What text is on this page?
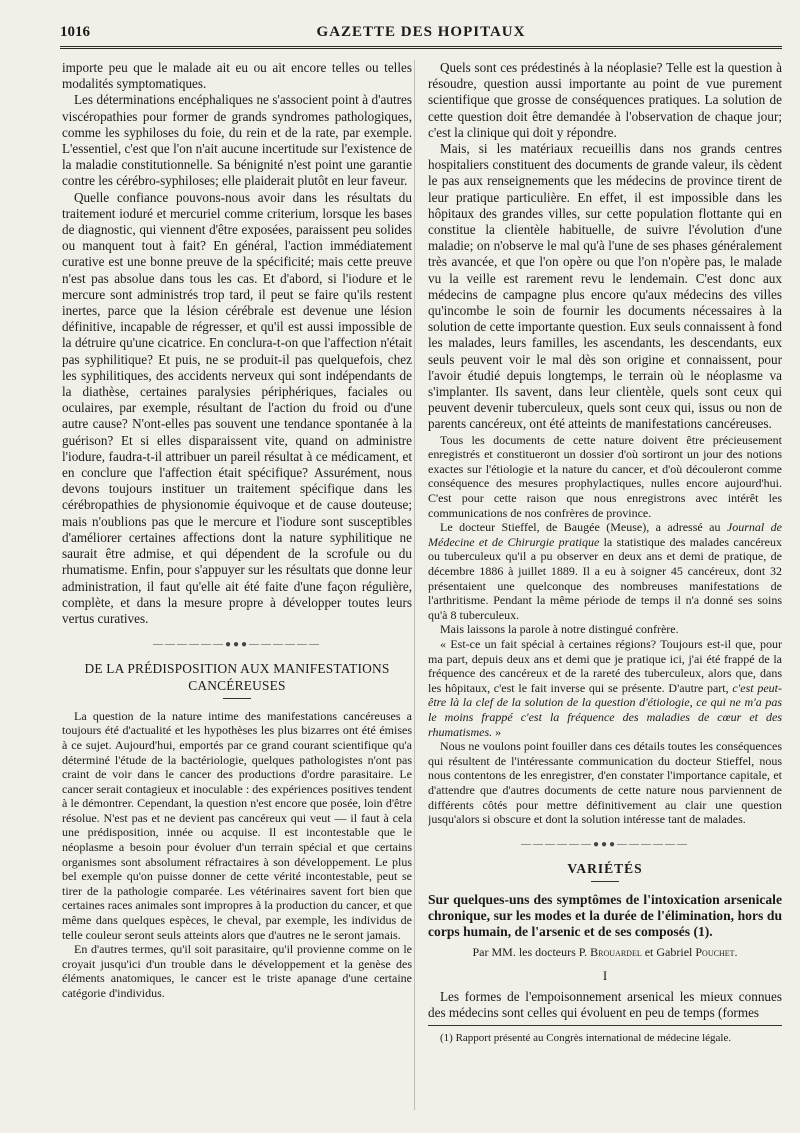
1016	GAZETTE DES HOPITAUX

importe peu que le malade ait eu ou ait encore telles ou telles modalités symptomatiques.

Les déterminations encéphaliques ne s'associent point à d'autres viscéropathies pour former de grands syndromes pathologiques, comme les syphiloses du foie, du rein et de la rate, par exemple. L'essentiel, c'est que l'on n'ait aucune incertitude sur l'existence de la maladie constitutionnelle. Sa bénignité n'est point une garantie contre les cérébro-syphiloses; elle plaiderait plutôt en leur faveur.

Quelle confiance pouvons-nous avoir dans les résultats du traitement ioduré et mercuriel comme criterium, lorsque les bases de diagnostic, qui viennent d'être exposées, paraissent peu solides ou manquent tout à fait? En général, l'action immédiatement curative est une bonne preuve de la spécificité; mais cette preuve n'est pas absolue dans tous les cas. Et d'abord, si l'iodure et le mercure sont administrés trop tard, il peut se faire qu'ils restent inertes, parce que la lésion cérébrale est devenue une lésion définitive, incapable de régresser, et qu'il est aussi impossible de la détruire qu'une cicatrice. En conclura-t-on que l'affection n'était pas syphilitique? Et puis, ne se produit-il pas quelquefois, chez les syphilitiques, des accidents nerveux qui sont indépendants de la diathèse, certaines paralysies périphériques, faciales ou oculaires, par exemple, résultant de l'action du froid ou d'une autre cause? N'ont-elles pas souvent une tendance spontanée à la guérison? Et si elles disparaissent vite, quand on administre l'iodure, faudra-t-il attribuer un pareil résultat à ce médicament, et en conclure que l'affection était spécifique? Assurément, nous devons toujours instituer un traitement spécifique dans les cérébropathies de physionomie équivoque et de cause douteuse; mais n'oublions pas que le mercure et l'iodure sont susceptibles d'améliorer certaines affections dont la nature syphilitique ne saurait être admise, et qui dépendent de la scrofule ou du rhumatisme. Enfin, pour s'appuyer sur les résultats que donne leur administration, il faut qu'elle ait été faite d'une façon régulière, complète, et dans la mesure propre à développer toutes leurs vertus curatives.

——————●●●——————
DE LA PRÉDISPOSITION AUX MANIFESTATIONS CANCÉREUSES

La question de la nature intime des manifestations cancéreuses a toujours été d'actualité et les hypothèses les plus bizarres ont été émises à ce sujet. Aujourd'hui, emportés par ce grand courant scientifique qu'a déterminé l'étude de la bactériologie, quelques pathologistes n'ont pas craint de voir dans le cancer des productions d'ordre parasitaire. Le cancer serait contagieux et inoculable : des expériences positives tendent à le démontrer. Cependant, la question n'est encore que posée, loin d'être résolue. N'est pas et ne devient pas cancéreux qui veut — il faut à cela une prédisposition, innée ou acquise. Il est incontestable que le néoplasme a besoin pour évoluer d'un terrain spécial et que certains organismes sont absolument réfractaires à son développement. Le plus bel exemple qu'on puisse donner de cette vérité incontestable, peut se tirer de la pathologie comparée. Les vétérinaires savent fort bien que certaines races animales sont impropres à la production du cancer, et que même dans quelques espèces, le cheval, par exemple, les individus de telle couleur seront seuls atteints alors que d'autres ne le seront jamais.

En d'autres termes, qu'il soit parasitaire, qu'il provienne comme on le croyait jusqu'ici d'un trouble dans le développement et la genèse des éléments anatomiques, le cancer est le triste apanage d'une certaine catégorie d'individus.

Quels sont ces prédestinés à la néoplasie? Telle est la question à résoudre, question aussi importante au point de vue purement scientifique que grosse de conséquences pratiques. La solution de cette question doit être demandée à l'observation de chaque jour; c'est la clinique qui doit y répondre.

Mais, si les matériaux recueillis dans nos grands centres hospitaliers constituent des documents de grande valeur, ils cèdent le pas aux renseignements que les médecins de province tirent de leur pratique particulière. En effet, il est impossible dans les hôpitaux des grandes villes, sur cette population flottante qui en constitue la clientèle habituelle, de suivre l'évolution d'une maladie; on n'observe le mal qu'à l'une de ses phases généralement très avancée, et que l'on opère ou que l'on n'opère pas, le malade vu la veille est rarement revu le lendemain. C'est donc aux médecins de campagne plus encore qu'aux médecins des villes qu'incombe le soin de fournir les documents nécessaires à la solution de cette importante question. Eux seuls connaissent à fond les malades, leurs familles, les ascendants, les descendants, eux seuls peuvent voir le mal dès son origine et connaissent, pour l'avoir étudié depuis longtemps, le terrain où le néoplasme va s'implanter. Ils savent, dans leur clientèle, quels sont ceux qui peuvent devenir tuberculeux, quels sont ceux qui, issus ou non de parents cancéreux, ont été atteints de manifestations cancéreuses.

Tous les documents de cette nature doivent être précieusement enregistrés et constitueront un dossier d'où sortiront un jour des notions exactes sur l'étiologie et la nature du cancer, et d'où découleront comme conséquence des mesures prophylactiques, nulles encore aujourd'hui. C'est pour cette raison que nous enregistrons avec intérêt les communications de nos confrères de province.

Le docteur Stieffel, de Baugée (Meuse), a adressé au Journal de Médecine et de Chirurgie pratique la statistique des malades cancéreux ou tuberculeux qu'il a pu observer en deux ans et demi de pratique, de décembre 1886 à juillet 1889. Il a eu à soigner 45 cancéreux, dont 32 présentaient une quelconque des nombreuses manifestations de l'arthritisme. Pendant la même période de temps il n'a donné ses soins qu'à 8 tuberculeux.

Mais laissons la parole à notre distingué confrère.

« Est-ce un fait spécial à certaines régions? Toujours est-il que, pour ma part, depuis deux ans et demi que je pratique ici, j'ai été frappé de la fréquence des cancéreux et de la rareté des tuberculeux, alors que, dans les hôpitaux, c'est le fait inverse qui se présente. D'autre part, c'est peut-être là la clef de la solution de la question d'étiologie, ce qui ne m'a pas le moins frappé c'est la fréquence des maladies de cœur et des rhumatismes. »

Nous ne voulons point fouiller dans ces détails toutes les conséquences qui résultent de l'intéressante communication du docteur Stieffel, nous nous contentons de les enregistrer, d'en constater l'importance capitale, et d'attendre que d'autres documents de cette nature nous parviennent de différents côtés pour mettre définitivement au clair une question jusqu'alors si obscure et dont la solution intéresse tant de malades.

——————●●●——————
VARIÉTÉS
Sur quelques-uns des symptômes de l'intoxication arsenicale chronique, sur les modes et la durée de l'élimination, hors du corps humain, de l'arsenic et de ses composés (1).
Par MM. les docteurs P. Brouardel et Gabriel Pouchet.
I

Les formes de l'empoisonnement arsenical les mieux connues des médecins sont celles qui évoluent en peu de temps (formes

(1) Rapport présenté au Congrès international de médecine légale.
